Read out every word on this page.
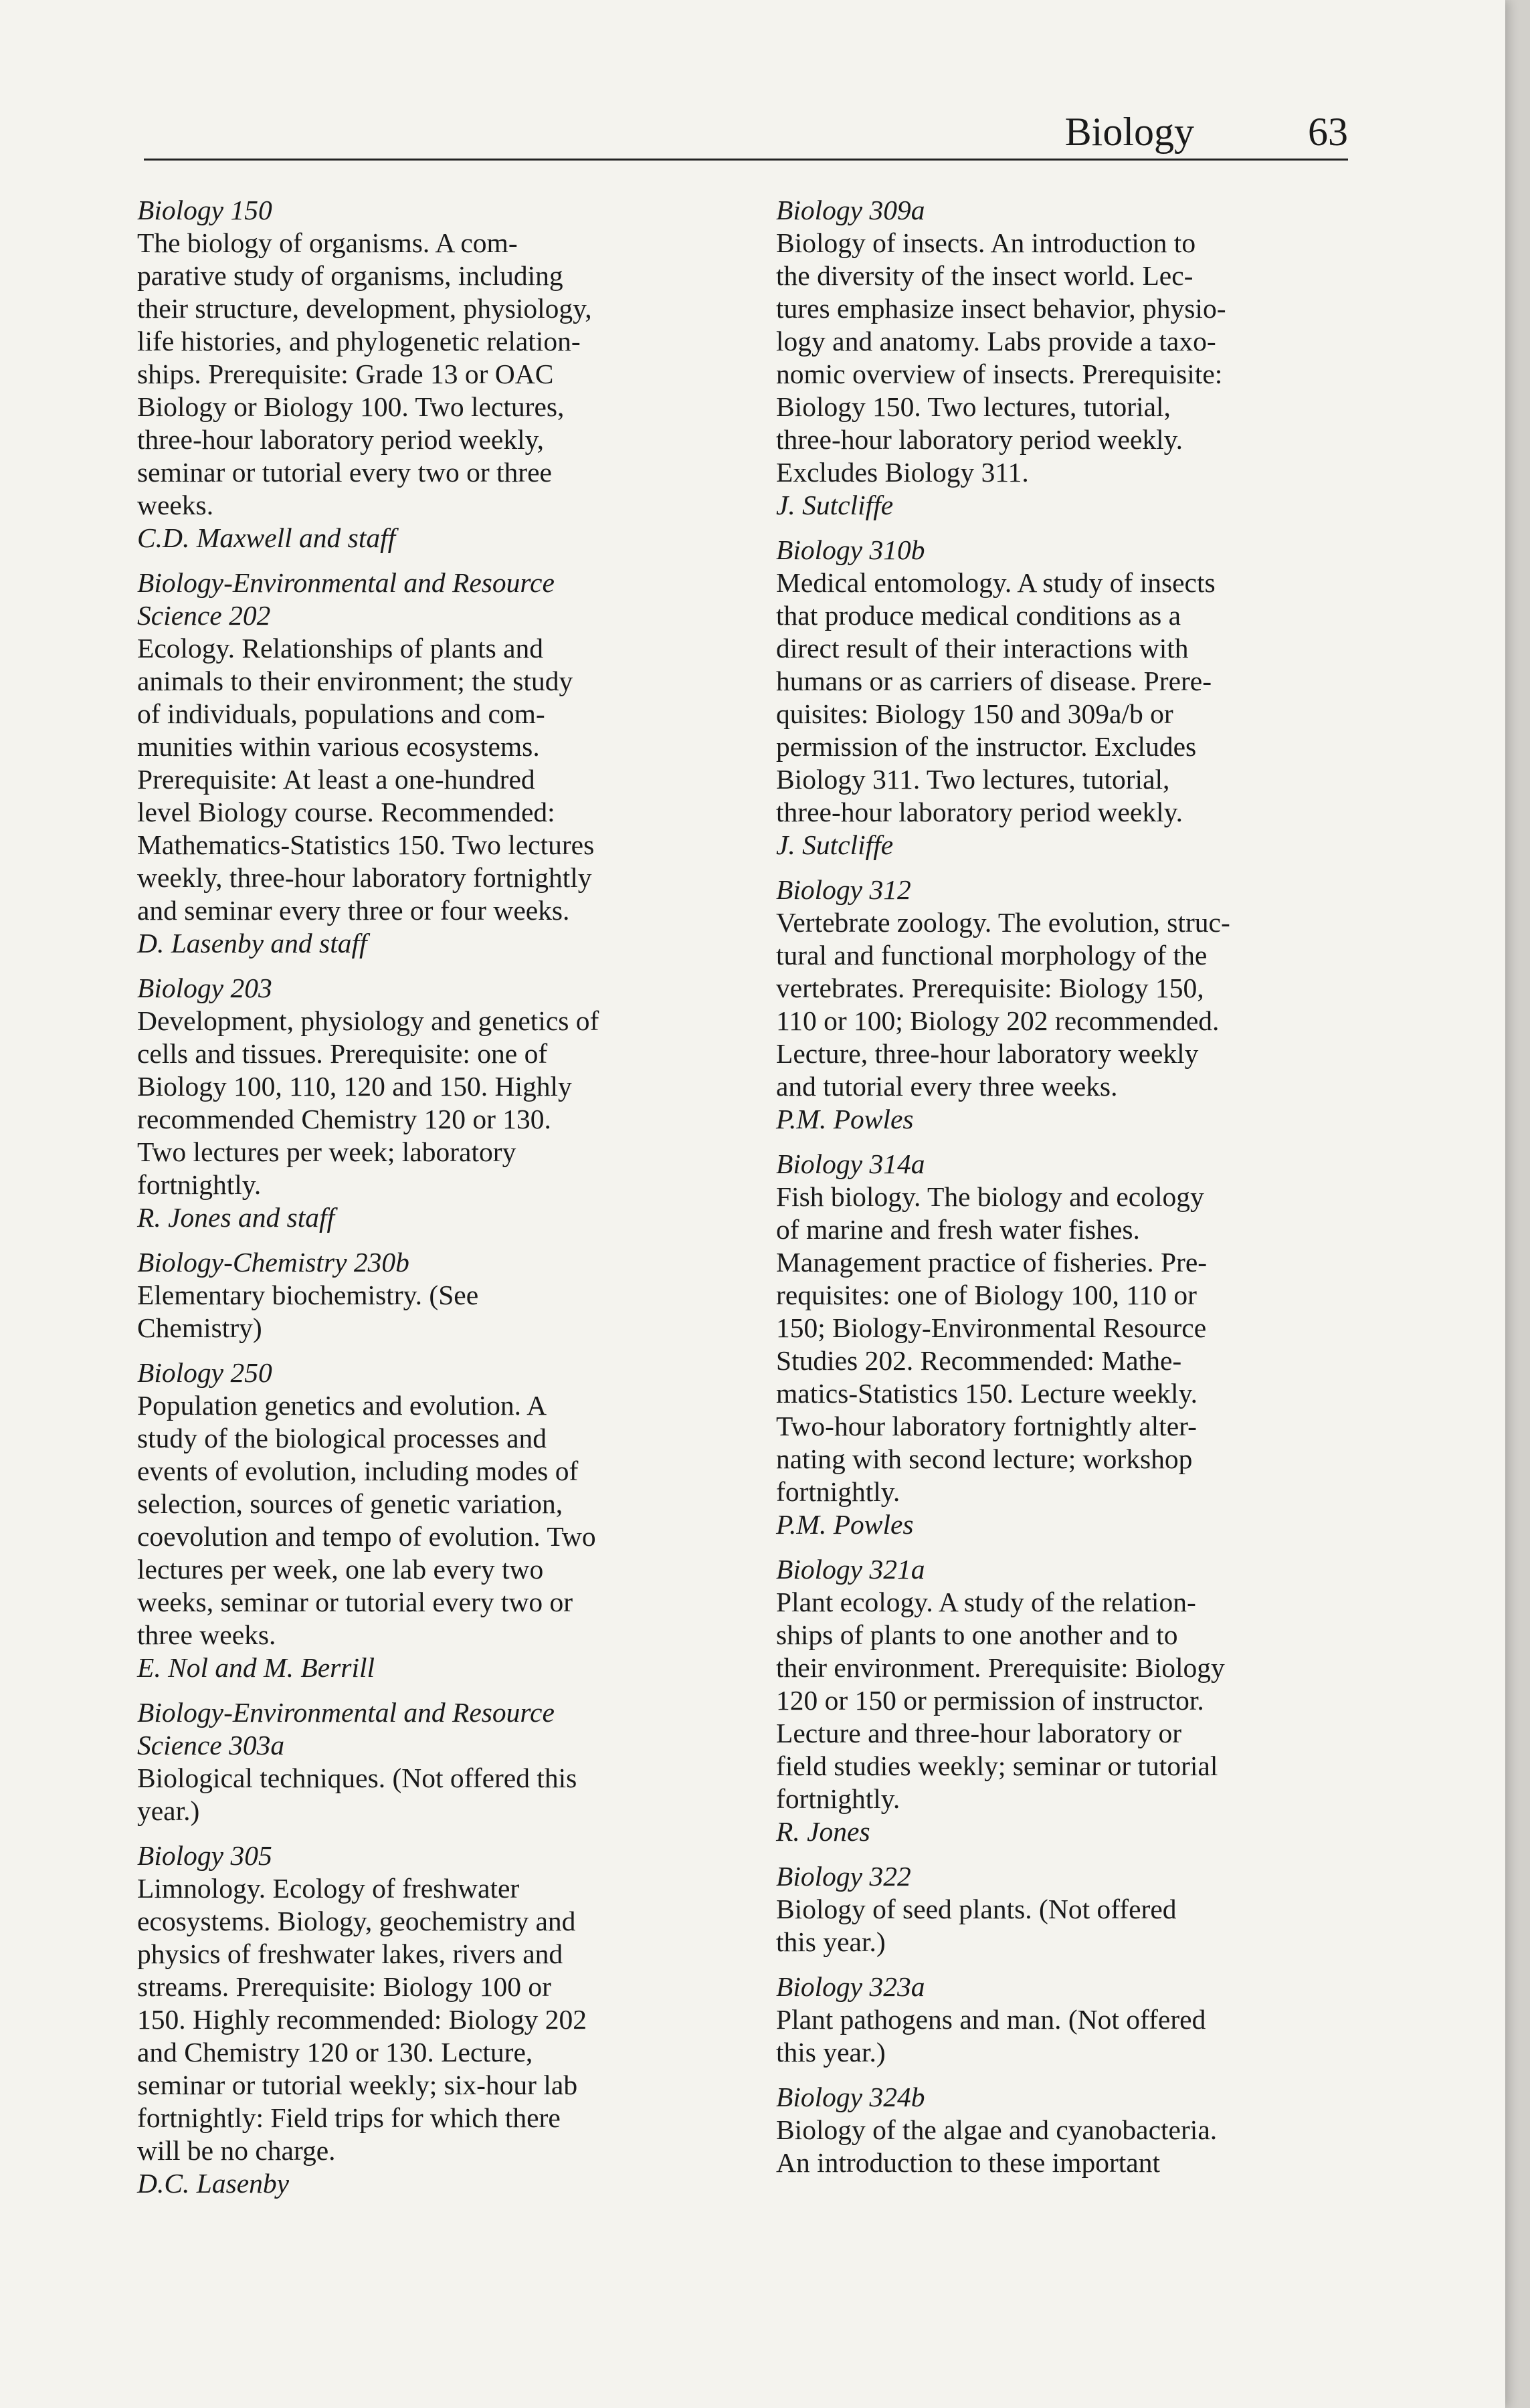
Biology	63
Biology 150
The biology of organisms. A com-
parative study of organisms, including
their structure, development, physiology,
life histories, and phylogenetic relation-
ships. Prerequisite: Grade 13 or OAC
Biology or Biology 100. Two lectures,
three-hour laboratory period weekly,
seminar or tutorial every two or three
weeks.
C.D. Maxwell and staff
Biology-Environmental and Resource
Science 202
Ecology. Relationships of plants and
animals to their environment; the study
of individuals, populations and com-
munities within various ecosystems.
Prerequisite: At least a one-hundred
level Biology course. Recommended:
Mathematics-Statistics 150. Two lectures
weekly, three-hour laboratory fortnightly
and seminar every three or four weeks.
D. Lasenby and staff
Biology 203
Development, physiology and genetics of
cells and tissues. Prerequisite: one of
Biology 100, 110, 120 and 150. Highly
recommended Chemistry 120 or 130.
Two lectures per week; laboratory
fortnightly.
R. Jones and staff
Biology-Chemistry 230b
Elementary biochemistry. (See
Chemistry)
Biology 250
Population genetics and evolution. A
study of the biological processes and
events of evolution, including modes of
selection, sources of genetic variation,
coevolution and tempo of evolution. Two
lectures per week, one lab every two
weeks, seminar or tutorial every two or
three weeks.
E. Nol and M. Berrill
Biology-Environmental and Resource
Science 303a
Biological techniques. (Not offered this
year.)
Biology 305
Limnology. Ecology of freshwater
ecosystems. Biology, geochemistry and
physics of freshwater lakes, rivers and
streams. Prerequisite: Biology 100 or
150. Highly recommended: Biology 202
and Chemistry 120 or 130. Lecture,
seminar or tutorial weekly; six-hour lab
fortnightly: Field trips for which there
will be no charge.
D.C. Lasenby
Biology 309a
Biology of insects. An introduction to
the diversity of the insect world. Lec-
tures emphasize insect behavior, physio-
logy and anatomy. Labs provide a taxo-
nomic overview of insects. Prerequisite:
Biology 150. Two lectures, tutorial,
three-hour laboratory period weekly.
Excludes Biology 311.
J. Sutcliffe
Biology 310b
Medical entomology. A study of insects
that produce medical conditions as a
direct result of their interactions with
humans or as carriers of disease. Prere-
quisites: Biology 150 and 309a/b or
permission of the instructor. Excludes
Biology 311. Two lectures, tutorial,
three-hour laboratory period weekly.
J. Sutcliffe
Biology 312
Vertebrate zoology. The evolution, struc-
tural and functional morphology of the
vertebrates. Prerequisite: Biology 150,
110 or 100; Biology 202 recommended.
Lecture, three-hour laboratory weekly
and tutorial every three weeks.
P.M. Powles
Biology 314a
Fish biology. The biology and ecology
of marine and fresh water fishes.
Management practice of fisheries. Pre-
requisites: one of Biology 100, 110 or
150; Biology-Environmental Resource
Studies 202. Recommended: Mathe-
matics-Statistics 150. Lecture weekly.
Two-hour laboratory fortnightly alter-
nating with second lecture; workshop
fortnightly.
P.M. Powles
Biology 321a
Plant ecology. A study of the relation-
ships of plants to one another and to
their environment. Prerequisite: Biology
120 or 150 or permission of instructor.
Lecture and three-hour laboratory or
field studies weekly; seminar or tutorial
fortnightly.
R. Jones
Biology 322
Biology of seed plants. (Not offered
this year.)
Biology 323a
Plant pathogens and man. (Not offered
this year.)
Biology 324b
Biology of the algae and cyanobacteria.
An introduction to these important
